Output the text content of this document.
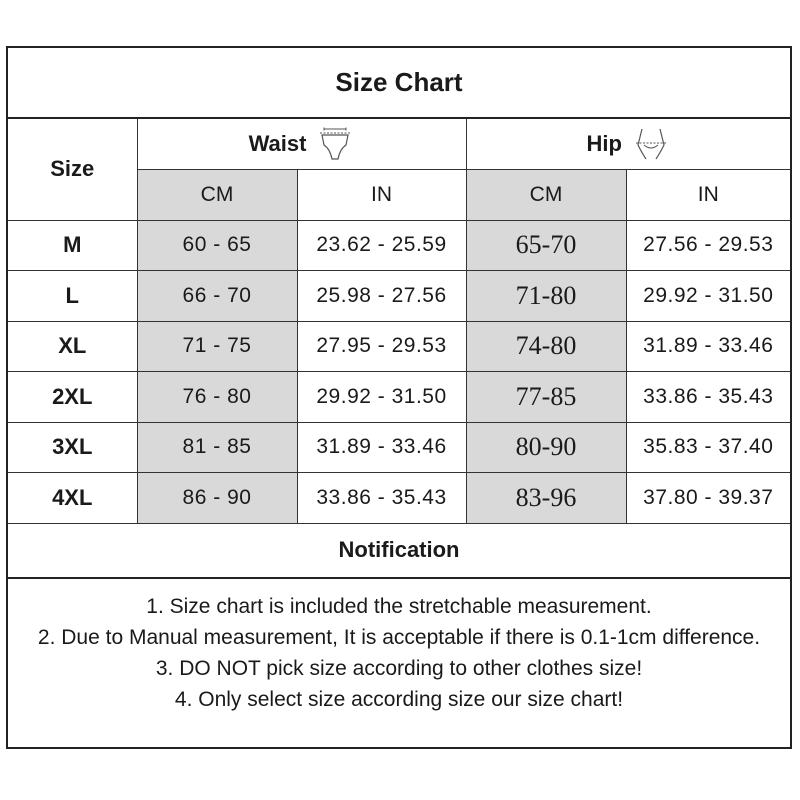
Size Chart
Size	Waist		Hip	

	CM	IN	CM	IN
M	60 - 65	23.62 - 25.59	65-70	27.56 - 29.53
L	66 - 70	25.98 - 27.56	71-80	29.92 - 31.50
XL	71 - 75	27.95 - 29.53	74-80	31.89 - 33.46
2XL	76 - 80	29.92 - 31.50	77-85	33.86 - 35.43
3XL	81 - 85	31.89 - 33.46	80-90	35.83 - 37.40
4XL	86 - 90	33.86 - 35.43	83-96	37.80 - 39.37
Notification
1. Size chart is included the stretchable measurement.
2. Due to Manual measurement, It is acceptable if there is 0.1-1cm difference.
3. DO NOT pick size according to other clothes size!
4. Only select size according size our size chart!
